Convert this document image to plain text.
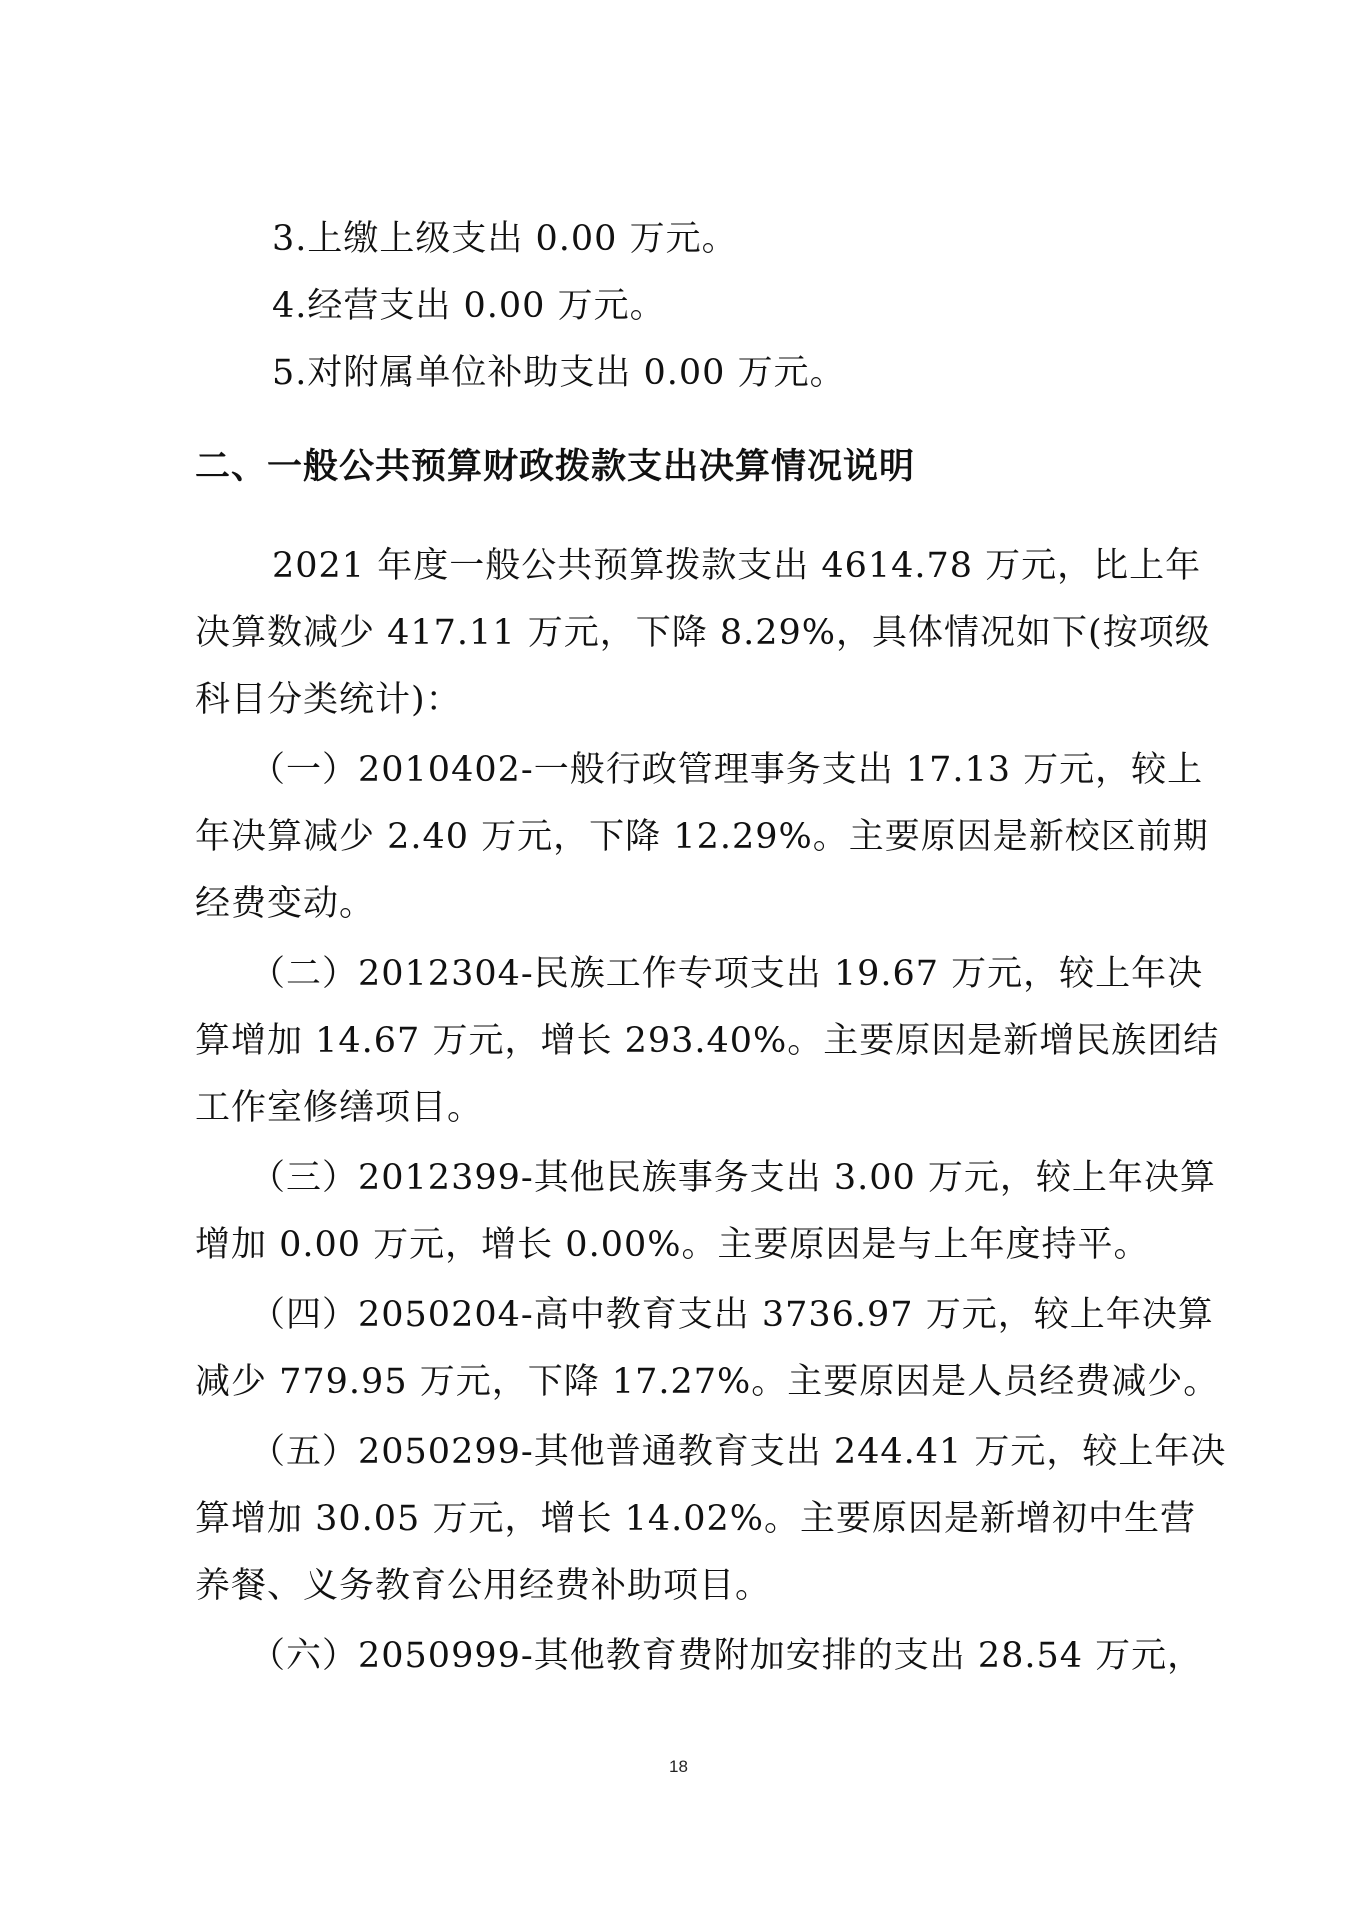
3.上缴上级支出 0.00 万元。
4.经营支出 0.00 万元。
5.对附属单位补助支出 0.00 万元。
二、一般公共预算财政拨款支出决算情况说明
2021 年度一般公共预算拨款支出 4614.78 万元，比上年
决算数减少 417.11 万元，下降 8.29%，具体情况如下(按项级
科目分类统计)：
（一）2010402-一般行政管理事务支出 17.13 万元，较上
年决算减少 2.40 万元，下降 12.29%。主要原因是新校区前期
经费变动。
（二）2012304-民族工作专项支出 19.67 万元，较上年决
算增加 14.67 万元，增长 293.40%。主要原因是新增民族团结
工作室修缮项目。
（三）2012399-其他民族事务支出 3.00 万元，较上年决算
增加 0.00 万元，增长 0.00%。主要原因是与上年度持平。
（四）2050204-高中教育支出 3736.97 万元，较上年决算
减少 779.95 万元，下降 17.27%。主要原因是人员经费减少。
（五）2050299-其他普通教育支出 244.41 万元，较上年决
算增加 30.05 万元，增长 14.02%。主要原因是新增初中生营
养餐、义务教育公用经费补助项目。
（六）2050999-其他教育费附加安排的支出 28.54 万元，
18
